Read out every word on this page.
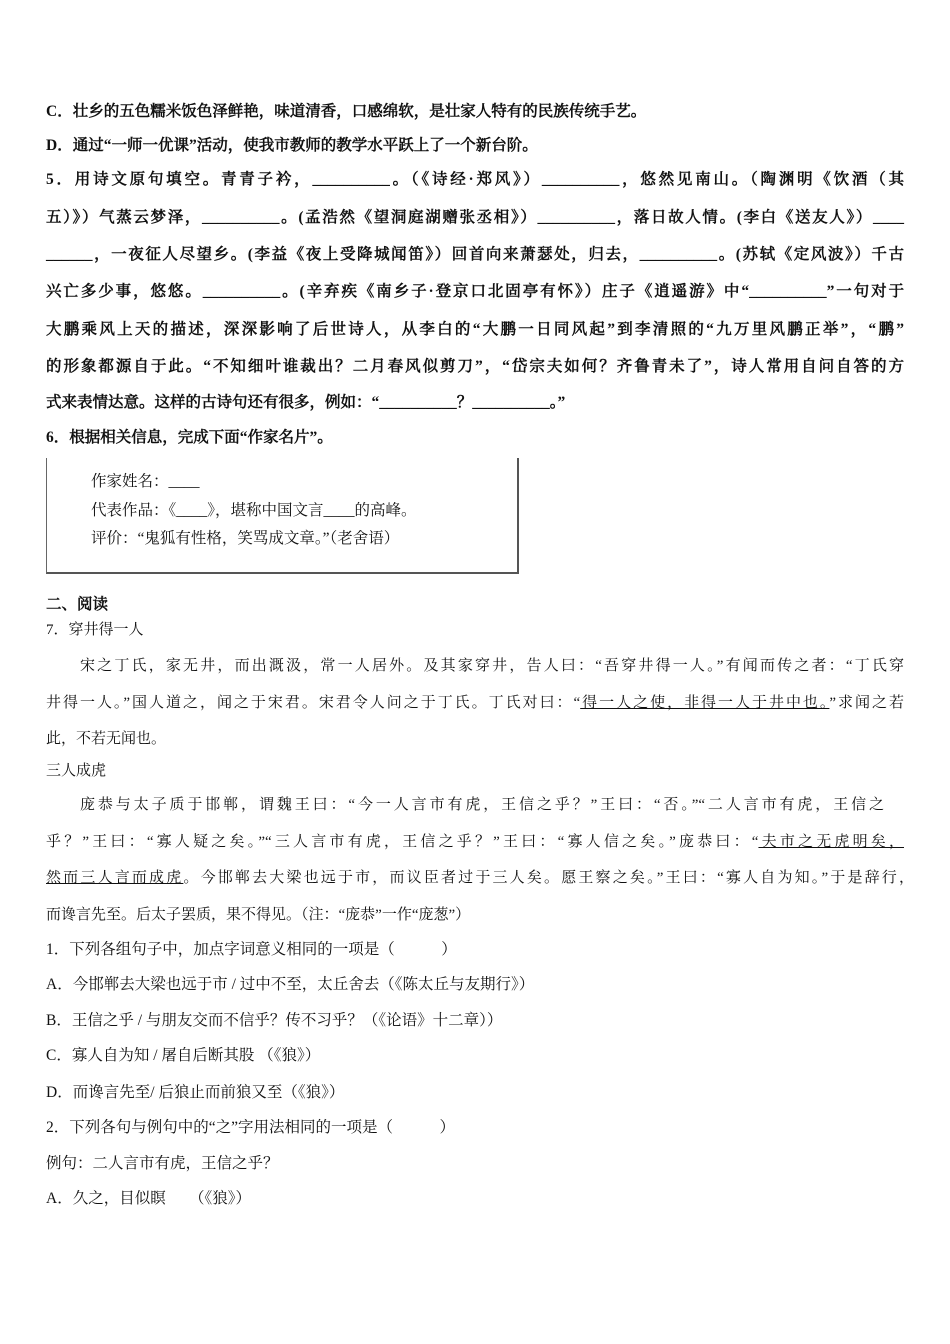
C．壮乡的五色糯米饭色泽鲜艳，味道清香，口感绵软，是壮家人特有的民族传统手艺。
D．通过“一师一优课”活动，使我市教师的教学水平跃上了一个新台阶。
5．用诗文原句填空。青青子衿，__________。（《诗经·郑风》）__________，悠然见南山。（陶渊明《饮酒（其
五）》）气蒸云梦泽，__________。(孟浩然《望洞庭湖赠张丞相》）__________，落日故人情。(李白《送友人》）____
______，一夜征人尽望乡。(李益《夜上受降城闻笛》）回首向来萧瑟处，归去，__________。(苏轼《定风波》）千古
兴亡多少事，悠悠。__________。(辛弃疾《南乡子·登京口北固亭有怀》）庄子《逍遥游》中“__________”一句对于
大鹏乘风上天的描述，深深影响了后世诗人，从李白的“大鹏一日同风起”到李清照的“九万里风鹏正举”，“鹏”
的形象都源自于此。“不知细叶谁裁出？二月春风似剪刀”，“岱宗夫如何？齐鲁青未了”，诗人常用自问自答的方
式来表情达意。这样的古诗句还有很多，例如：“__________？__________。”
6．根据相关信息，完成下面“作家名片”。
作家姓名：____
代表作品：《____》，堪称中国文言____的高峰。
评价：“鬼狐有性格，笑骂成文章。”（老舍语）
二、阅读
7．穿井得一人
宋之丁氏，家无井，而出溉汲，常一人居外。及其家穿井，告人曰：“吾穿井得一人。”有闻而传之者：“丁氏穿
井得一人。”国人道之，闻之于宋君。宋君令人问之于丁氏。丁氏对曰：“得一人之使，非得一人于井中也。”求闻之若
此，不若无闻也。
三人成虎
庞恭与太子质于邯郸，谓魏王曰：“今一人言市有虎，王信之乎？”王曰：“否。”“二人言市有虎，王信之
乎？”王曰：“寡人疑之矣。”“三人言市有虎，王信之乎？”王曰：“寡人信之矣。”庞恭曰：“夫市之无虎明矣，
然而三人言而成虎。今邯郸去大梁也远于市，而议臣者过于三人矣。愿王察之矣。”王曰：“寡人自为知。”于是辞行，
而谗言先至。后太子罢质，果不得见。（注：“庞恭”一作“庞葱”）
1．下列各组句子中，加点字词意义相同的一项是（　　　）
A．今邯郸去大梁也远于市 / 过中不至，太丘舍去（《陈太丘与友期行》）
B．王信之乎 / 与朋友交而不信乎？传不习乎？（《论语》十二章））
C．寡人自为知 / 屠自后断其股 （《狼》）
D．而谗言先至/ 后狼止而前狼又至（《狼》）
2．下列各句与例句中的“之”字用法相同的一项是（　　　）
例句：二人言市有虎，王信之乎？
A．久之，目似瞑　　（《狼》）
